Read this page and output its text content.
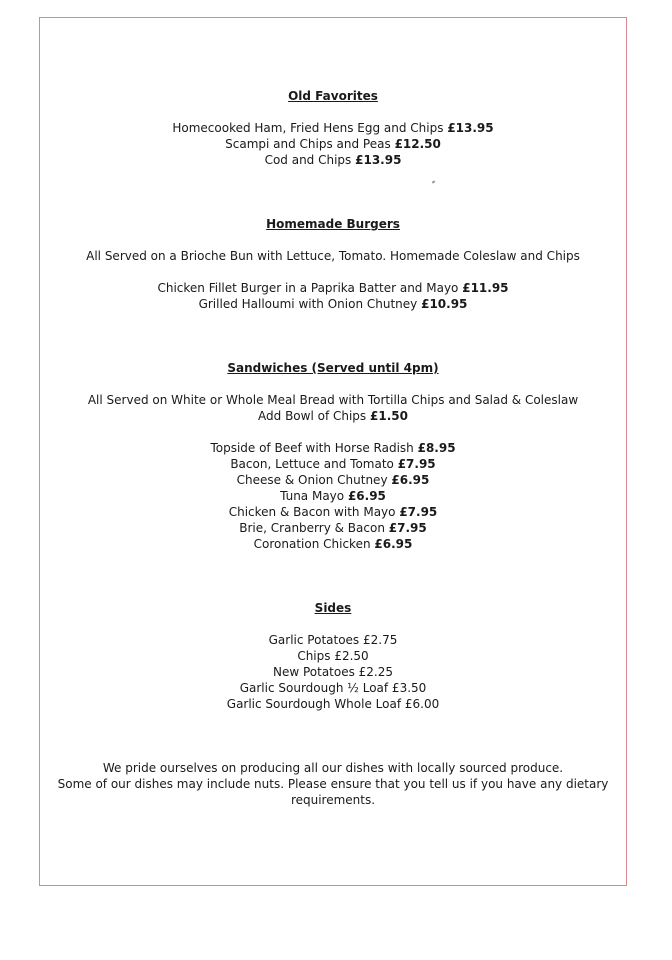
Old Favorites
Homecooked Ham, Fried Hens Egg and Chips £13.95
Scampi and Chips and Peas £12.50
Cod and Chips £13.95
Homemade Burgers
All Served on a Brioche Bun with Lettuce, Tomato. Homemade Coleslaw and Chips
Chicken Fillet Burger in a Paprika Batter and Mayo £11.95
Grilled Halloumi with Onion Chutney £10.95
Sandwiches (Served until 4pm)
All Served on White or Whole Meal Bread with Tortilla Chips and Salad & Coleslaw
Add Bowl of Chips £1.50
Topside of Beef with Horse Radish £8.95
Bacon, Lettuce and Tomato £7.95
Cheese & Onion Chutney £6.95
Tuna Mayo £6.95
Chicken & Bacon with Mayo £7.95
Brie, Cranberry & Bacon £7.95
Coronation Chicken £6.95
Sides
Garlic Potatoes £2.75
Chips £2.50
New Potatoes £2.25
Garlic Sourdough ½ Loaf £3.50
Garlic Sourdough Whole Loaf £6.00
We pride ourselves on producing all our dishes with locally sourced produce.
Some of our dishes may include nuts. Please ensure that you tell us if you have any dietary
requirements.
